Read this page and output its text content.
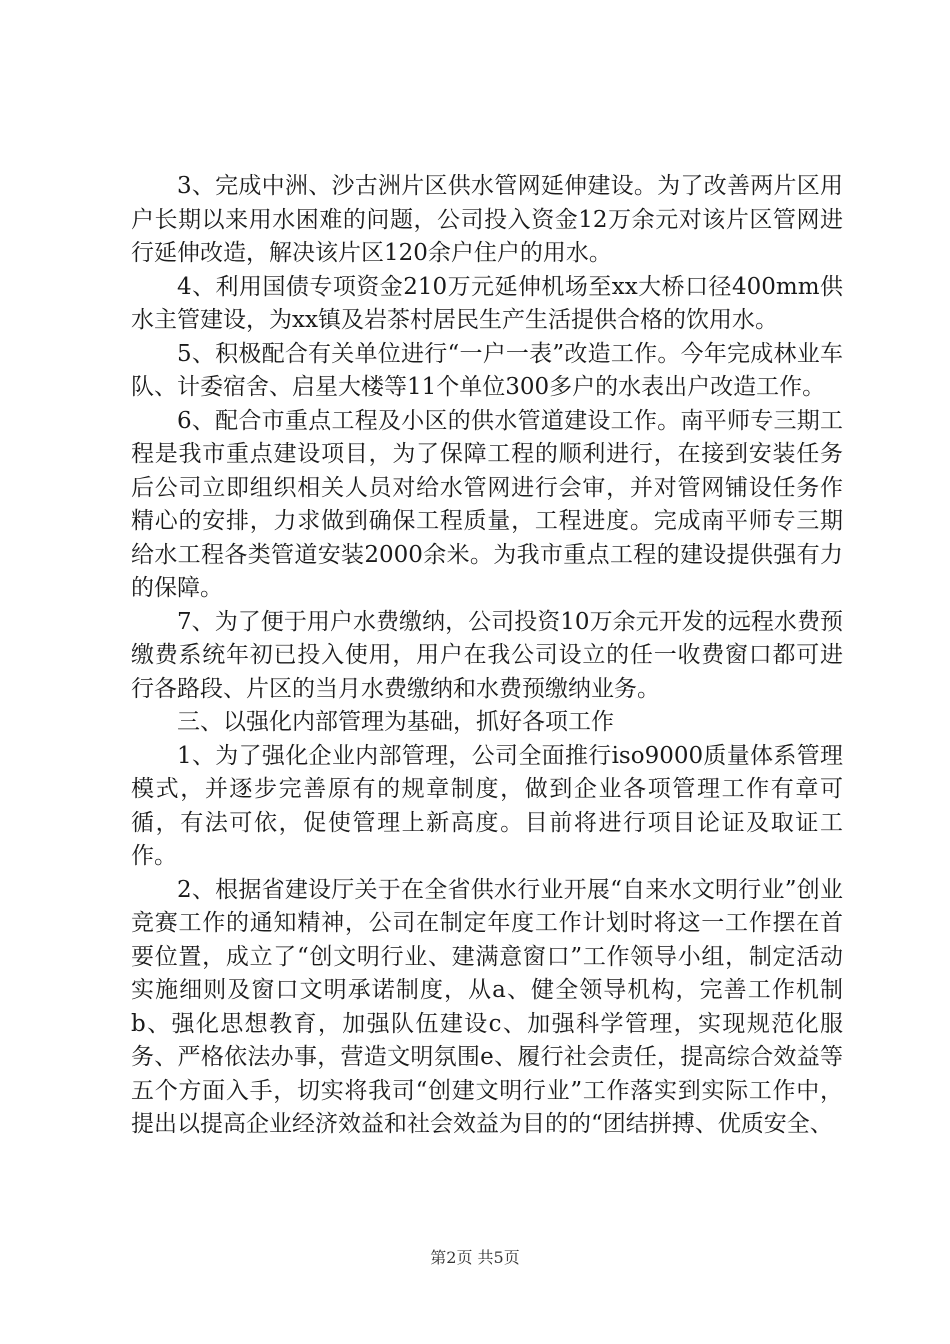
3、完成中洲、沙古洲片区供水管网延伸建设。为了改善两片区用户长期以来用水困难的问题，公司投入资金12万余元对该片区管网进行延伸改造，解决该片区120余户住户的用水。

4、利用国债专项资金210万元延伸机场至xx大桥口径400mm供水主管建设，为xx镇及岩茶村居民生产生活提供合格的饮用水。

5、积极配合有关单位进行“一户一表”改造工作。今年完成林业车队、计委宿舍、启星大楼等11个单位300多户的水表出户改造工作。

6、配合市重点工程及小区的供水管道建设工作。南平师专三期工程是我市重点建设项目，为了保障工程的顺利进行，在接到安装任务后公司立即组织相关人员对给水管网进行会审，并对管网铺设任务作精心的安排，力求做到确保工程质量，工程进度。完成南平师专三期给水工程各类管道安装2000余米。为我市重点工程的建设提供强有力的保障。

7、为了便于用户水费缴纳，公司投资10万余元开发的远程水费预缴费系统年初已投入使用，用户在我公司设立的任一收费窗口都可进行各路段、片区的当月水费缴纳和水费预缴纳业务。

三、以强化内部管理为基础，抓好各项工作

1、为了强化企业内部管理，公司全面推行iso9000质量体系管理模式，并逐步完善原有的规章制度，做到企业各项管理工作有章可循，有法可依，促使管理上新高度。目前将进行项目论证及取证工作。

2、根据省建设厅关于在全省供水行业开展“自来水文明行业”创业竞赛工作的通知精神，公司在制定年度工作计划时将这一工作摆在首要位置，成立了“创文明行业、建满意窗口”工作领导小组，制定活动实施细则及窗口文明承诺制度，从a、健全领导机构，完善工作机制b、强化思想教育，加强队伍建设c、加强科学管理，实现规范化服务、严格依法办事，营造文明氛围e、履行社会责任，提高综合效益等五个方面入手，切实将我司“创建文明行业”工作落实到实际工作中，提出以提高企业经济效益和社会效益为目的的“团结拼搏、优质安全、

第2页 共5页
